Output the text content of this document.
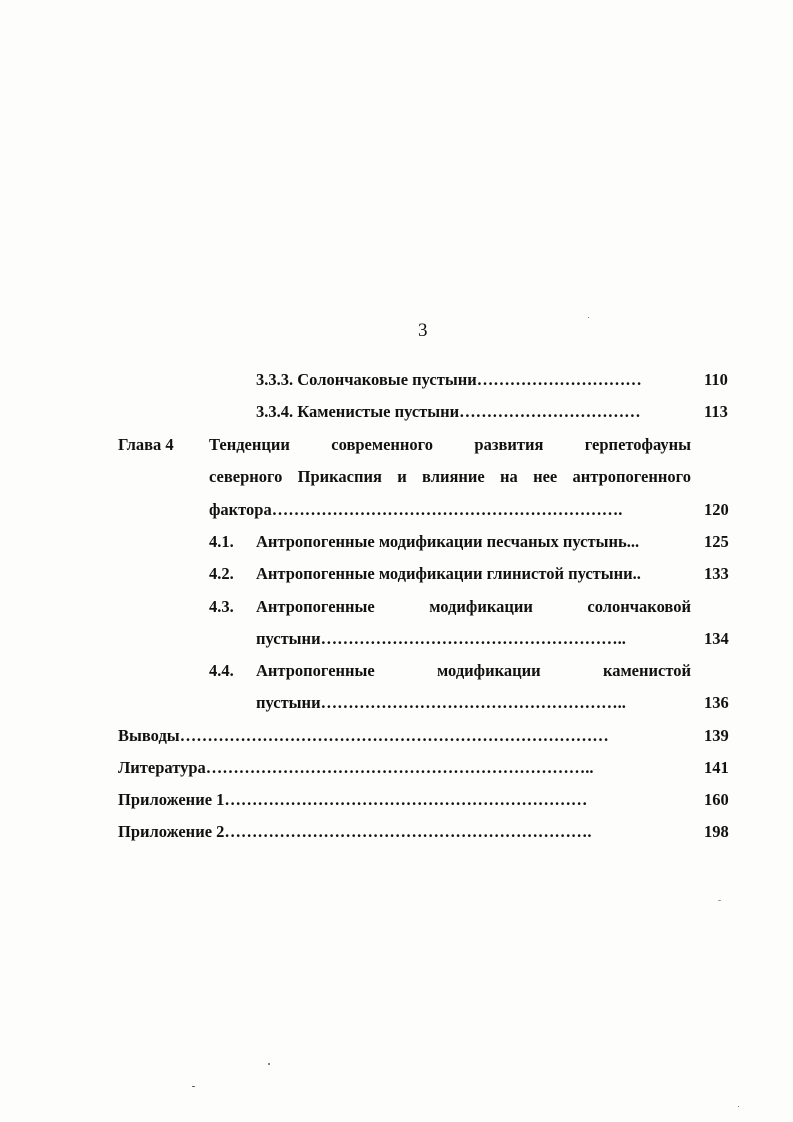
3
3.3.3. Солончаковые пустыни…………………………	110
3.3.4. Каменистые пустыни……………………………	113
Глава 4 Тенденции	современного	развития	герпетофауны
северного Прикаспия и влияние на нее антропогенного
фактора……………………………………………………….	120
4.1. Антропогенные модификации песчаных пустынь...	125
4.2. Антропогенные модификации глинистой пустыни..	133
4.3. Антропогенные	модификации	солончаковой
пустыни………………………………………………..	134
4.4. Антропогенные	модификации	каменистой
пустыни………………………………………………..	136
Выводы……………………………………………………………………	139
Литература……………………………………………………………..	141
Приложение 1…………………………………………………………	160
Приложение 2………………………………………………………….	198
